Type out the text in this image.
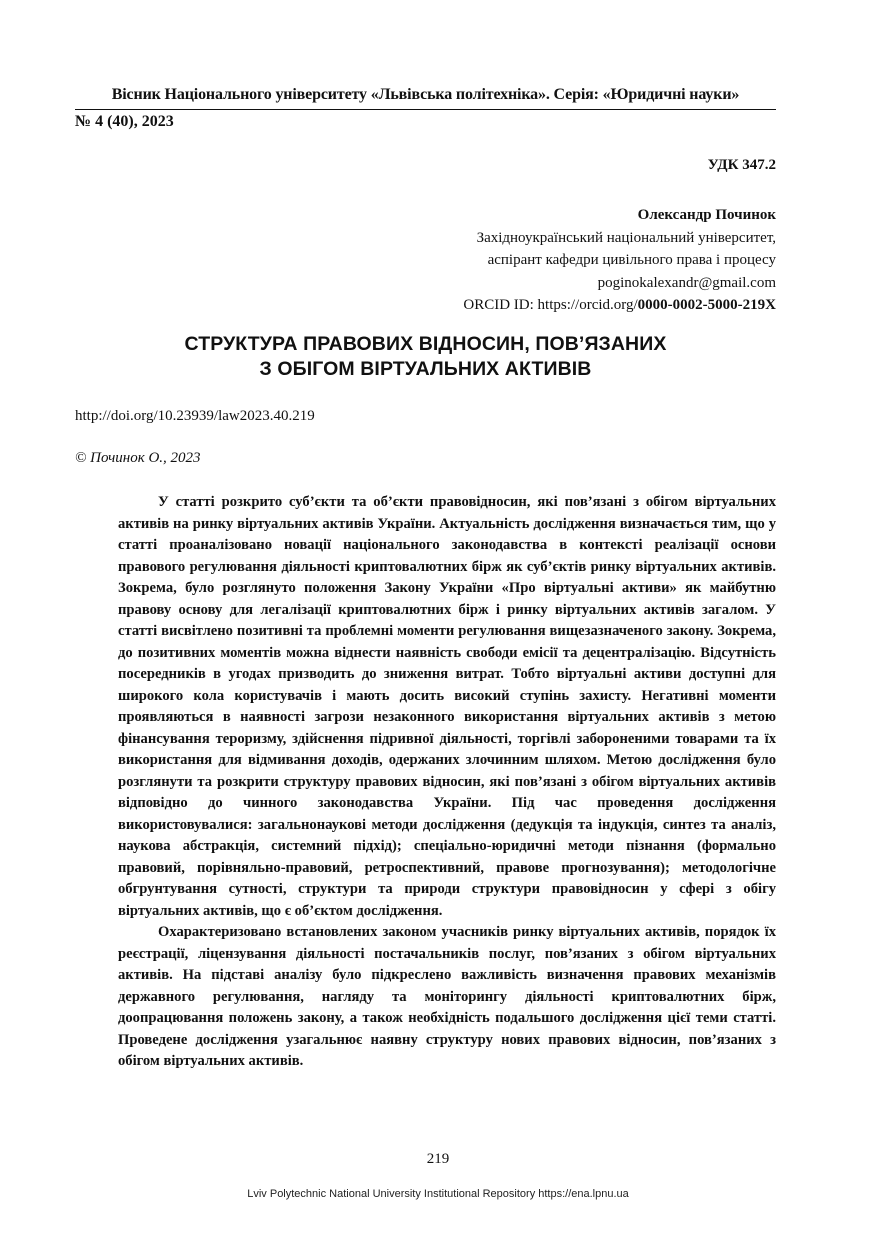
Вісник Національного університету «Львівська політехніка». Серія: «Юридичні науки»
№ 4 (40), 2023
УДК 347.2
Олександр Починок
Західноукраїнський національний університет,
аспірант кафедри цивільного права і процесу
poginokalexandr@gmail.com
ORCID ID: https://orcid.org/0000-0002-5000-219X
СТРУКТУРА ПРАВОВИХ ВІДНОСИН, ПОВ’ЯЗАНИХ
З ОБІГОМ ВІРТУАЛЬНИХ АКТИВІВ
http://doi.org/10.23939/law2023.40.219
© Починок О., 2023

У статті розкрито суб’єкти та об’єкти правовідносин, які пов’язані з обігом віртуальних активів на ринку віртуальних активів України. Актуальність дослідження визначається тим, що у статті проаналізовано новації національного законодавства в контексті реалізації основи правового регулювання діяльності криптовалютних бірж як суб’єктів ринку віртуальних активів. Зокрема, було розглянуто положення Закону України «Про віртуальні активи» як майбутню правову основу для легалізації криптовалютних бірж і ринку віртуальних активів загалом. У статті висвітлено позитивні та проблемні моменти регулювання вищезазначеного закону. Зокрема, до позитивних моментів можна віднести наявність свободи емісії та децентралізацію. Відсутність посередників в угодах призводить до зниження витрат. Тобто віртуальні активи доступні для широкого кола користувачів і мають досить високий ступінь захисту. Негативні моменти проявляються в наявності загрози незаконного використання віртуальних активів з метою фінансування тероризму, здійснення підривної діяльності, торгівлі забороненими товарами та їх використання для відмивання доходів, одержаних злочинним шляхом. Метою дослідження було розглянути та розкрити структуру правових відносин, які пов’язані з обігом віртуальних активів відповідно до чинного законодавства України. Під час проведення дослідження використовувалися: загальнонаукові методи дослідження (дедукція та індукція, синтез та аналіз, наукова абстракція, системний підхід); спеціально-юридичні методи пізнання (формально правовий, порівняльно-правовий, ретроспективний, правове прогнозування); методологічне обгрунтування сутності, структури та природи структури правовідносин у сфері з обігу віртуальних активів, що є об’єктом дослідження.

Охарактеризовано встановлених законом учасників ринку віртуальних активів, порядок їх реєстрації, ліцензування діяльності постачальників послуг, пов’язаних з обігом віртуальних активів. На підставі аналізу було підкреслено важливість визначення правових механізмів державного регулювання, нагляду та моніторингу діяльності криптовалютних бірж, доопрацювання положень закону, а також необхідність подальшого дослідження цієї теми статті. Проведене дослідження узагальнює наявну структуру нових правових відносин, пов’язаних з обігом віртуальних активів.

219
Lviv Polytechnic National University Institutional Repository https://ena.lpnu.ua
